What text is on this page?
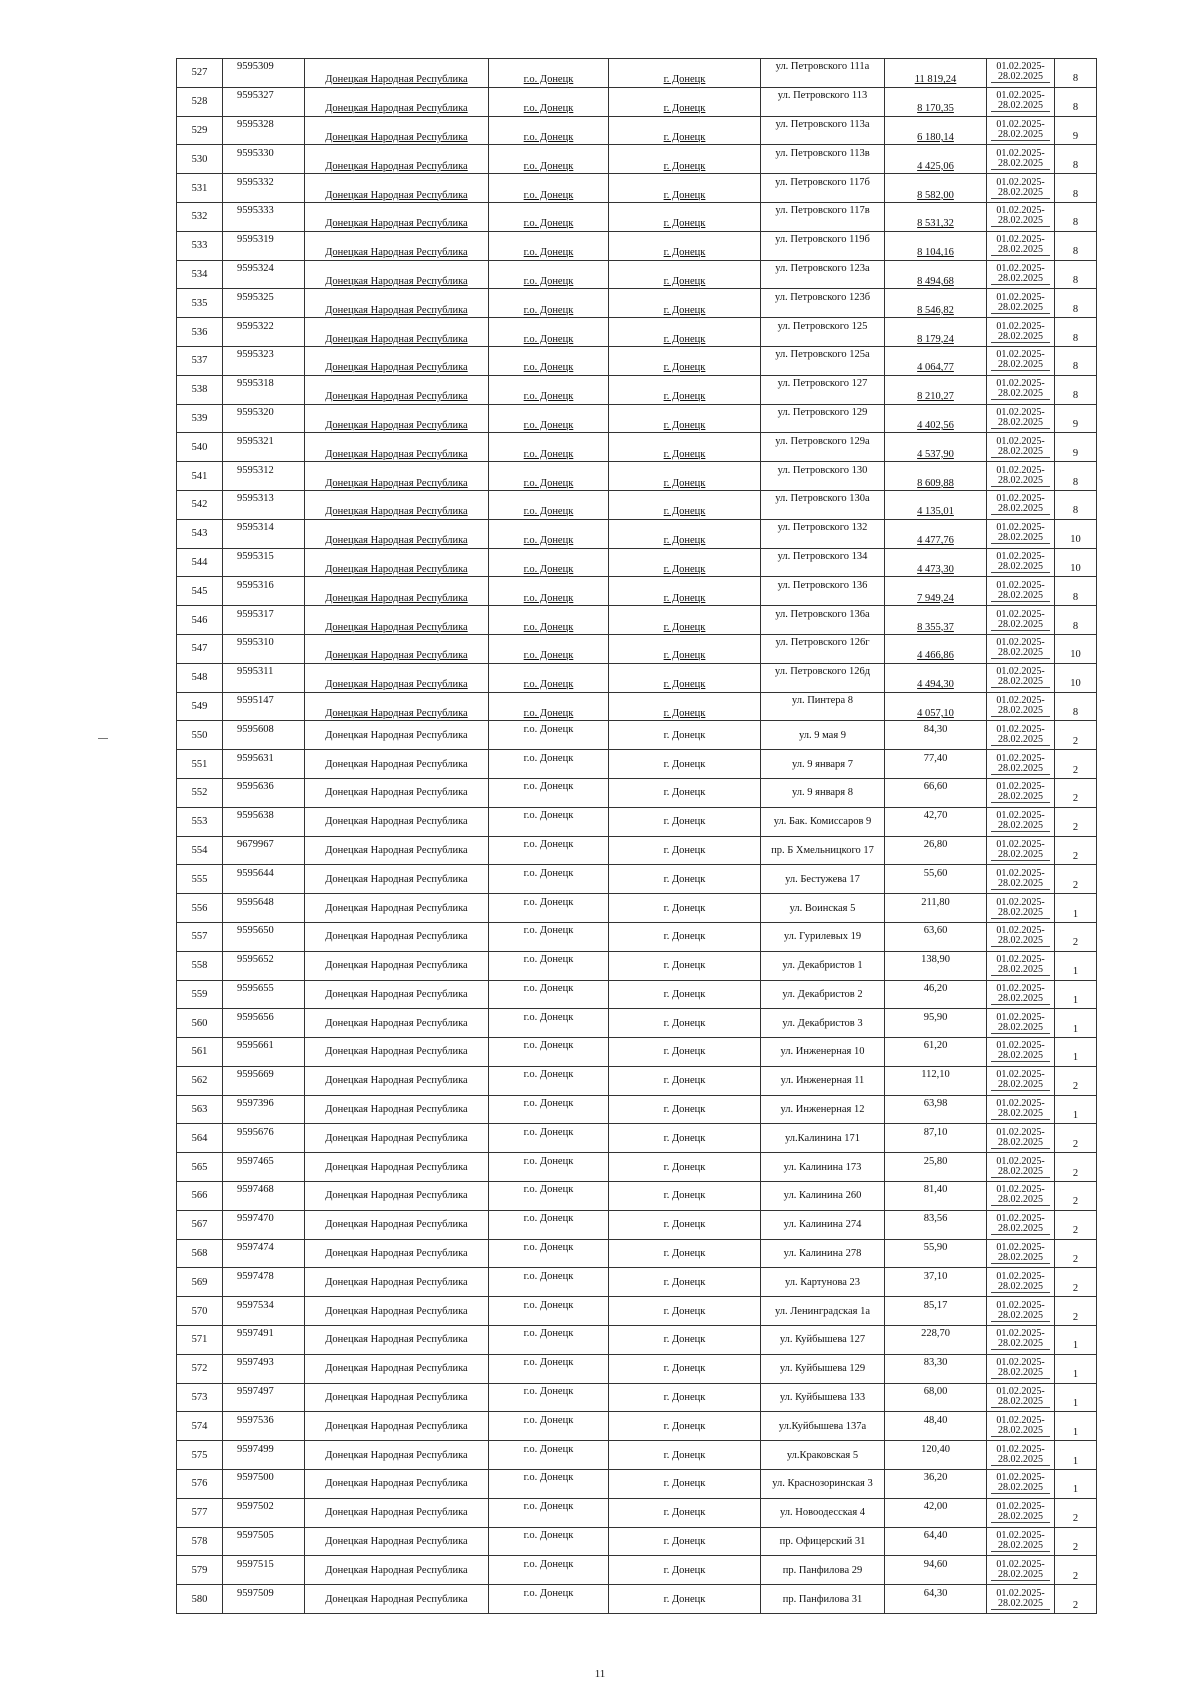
527	9595309	Донецкая Народная Республика	г.о. Донецк	г. Донецк	ул. Петровского 111а	11 819,24	01.02.2025-
28.02.2025	8
528	9595327	Донецкая Народная Республика	г.о. Донецк	г. Донецк	ул. Петровского 113	8 170,35	01.02.2025-
28.02.2025	8
529	9595328	Донецкая Народная Республика	г.о. Донецк	г. Донецк	ул. Петровского 113а	6 180,14	01.02.2025-
28.02.2025	9
530	9595330	Донецкая Народная Республика	г.о. Донецк	г. Донецк	ул. Петровского 113в	4 425,06	01.02.2025-
28.02.2025	8
531	9595332	Донецкая Народная Республика	г.о. Донецк	г. Донецк	ул. Петровского 117б	8 582,00	01.02.2025-
28.02.2025	8
532	9595333	Донецкая Народная Республика	г.о. Донецк	г. Донецк	ул. Петровского 117в	8 531,32	01.02.2025-
28.02.2025	8
533	9595319	Донецкая Народная Республика	г.о. Донецк	г. Донецк	ул. Петровского 119б	8 104,16	01.02.2025-
28.02.2025	8
534	9595324	Донецкая Народная Республика	г.о. Донецк	г. Донецк	ул. Петровского 123а	8 494,68	01.02.2025-
28.02.2025	8
535	9595325	Донецкая Народная Республика	г.о. Донецк	г. Донецк	ул. Петровского 123б	8 546,82	01.02.2025-
28.02.2025	8
536	9595322	Донецкая Народная Республика	г.о. Донецк	г. Донецк	ул. Петровского 125	8 179,24	01.02.2025-
28.02.2025	8
537	9595323	Донецкая Народная Республика	г.о. Донецк	г. Донецк	ул. Петровского 125а	4 064,77	01.02.2025-
28.02.2025	8
538	9595318	Донецкая Народная Республика	г.о. Донецк	г. Донецк	ул. Петровского 127	8 210,27	01.02.2025-
28.02.2025	8
539	9595320	Донецкая Народная Республика	г.о. Донецк	г. Донецк	ул. Петровского 129	4 402,56	01.02.2025-
28.02.2025	9
540	9595321	Донецкая Народная Республика	г.о. Донецк	г. Донецк	ул. Петровского 129а	4 537,90	01.02.2025-
28.02.2025	9
541	9595312	Донецкая Народная Республика	г.о. Донецк	г. Донецк	ул. Петровского 130	8 609,88	01.02.2025-
28.02.2025	8
542	9595313	Донецкая Народная Республика	г.о. Донецк	г. Донецк	ул. Петровского 130а	4 135,01	01.02.2025-
28.02.2025	8
543	9595314	Донецкая Народная Республика	г.о. Донецк	г. Донецк	ул. Петровского 132	4 477,76	01.02.2025-
28.02.2025	10
544	9595315	Донецкая Народная Республика	г.о. Донецк	г. Донецк	ул. Петровского 134	4 473,30	01.02.2025-
28.02.2025	10
545	9595316	Донецкая Народная Республика	г.о. Донецк	г. Донецк	ул. Петровского 136	7 949,24	01.02.2025-
28.02.2025	8
546	9595317	Донецкая Народная Республика	г.о. Донецк	г. Донецк	ул. Петровского 136а	8 355,37	01.02.2025-
28.02.2025	8
547	9595310	Донецкая Народная Республика	г.о. Донецк	г. Донецк	ул. Петровского 126г	4 466,86	01.02.2025-
28.02.2025	10
548	9595311	Донецкая Народная Республика	г.о. Донецк	г. Донецк	ул. Петровского 126д	4 494,30	01.02.2025-
28.02.2025	10
549	9595147	Донецкая Народная Республика	г.о. Донецк	г. Донецк	ул. Пинтера 8	4 057,10	01.02.2025-
28.02.2025	8
550	9595608	Донецкая Народная Республика	г.о. Донецк	г. Донецк	ул. 9 мая 9	84,30	01.02.2025-
28.02.2025	2
551	9595631	Донецкая Народная Республика	г.о. Донецк	г. Донецк	ул. 9 января 7	77,40	01.02.2025-
28.02.2025	2
552	9595636	Донецкая Народная Республика	г.о. Донецк	г. Донецк	ул. 9 января 8	66,60	01.02.2025-
28.02.2025	2
553	9595638	Донецкая Народная Республика	г.о. Донецк	г. Донецк	ул. Бак. Комиссаров 9	42,70	01.02.2025-
28.02.2025	2
554	9679967	Донецкая Народная Республика	г.о. Донецк	г. Донецк	пр. Б Хмельницкого 17	26,80	01.02.2025-
28.02.2025	2
555	9595644	Донецкая Народная Республика	г.о. Донецк	г. Донецк	ул. Бестужева 17	55,60	01.02.2025-
28.02.2025	2
556	9595648	Донецкая Народная Республика	г.о. Донецк	г. Донецк	ул. Воинская 5	211,80	01.02.2025-
28.02.2025	1
557	9595650	Донецкая Народная Республика	г.о. Донецк	г. Донецк	ул. Гурилевых 19	63,60	01.02.2025-
28.02.2025	2
558	9595652	Донецкая Народная Республика	г.о. Донецк	г. Донецк	ул. Декабристов 1	138,90	01.02.2025-
28.02.2025	1
559	9595655	Донецкая Народная Республика	г.о. Донецк	г. Донецк	ул. Декабристов 2	46,20	01.02.2025-
28.02.2025	1
560	9595656	Донецкая Народная Республика	г.о. Донецк	г. Донецк	ул. Декабристов 3	95,90	01.02.2025-
28.02.2025	1
561	9595661	Донецкая Народная Республика	г.о. Донецк	г. Донецк	ул. Инженерная 10	61,20	01.02.2025-
28.02.2025	1
562	9595669	Донецкая Народная Республика	г.о. Донецк	г. Донецк	ул. Инженерная 11	112,10	01.02.2025-
28.02.2025	2
563	9597396	Донецкая Народная Республика	г.о. Донецк	г. Донецк	ул. Инженерная 12	63,98	01.02.2025-
28.02.2025	1
564	9595676	Донецкая Народная Республика	г.о. Донецк	г. Донецк	ул.Калинина 171	87,10	01.02.2025-
28.02.2025	2
565	9597465	Донецкая Народная Республика	г.о. Донецк	г. Донецк	ул. Калинина 173	25,80	01.02.2025-
28.02.2025	2
566	9597468	Донецкая Народная Республика	г.о. Донецк	г. Донецк	ул. Калинина 260	81,40	01.02.2025-
28.02.2025	2
567	9597470	Донецкая Народная Республика	г.о. Донецк	г. Донецк	ул. Калинина 274	83,56	01.02.2025-
28.02.2025	2
568	9597474	Донецкая Народная Республика	г.о. Донецк	г. Донецк	ул. Калинина 278	55,90	01.02.2025-
28.02.2025	2
569	9597478	Донецкая Народная Республика	г.о. Донецк	г. Донецк	ул. Картунова 23	37,10	01.02.2025-
28.02.2025	2
570	9597534	Донецкая Народная Республика	г.о. Донецк	г. Донецк	ул. Ленинградская 1а	85,17	01.02.2025-
28.02.2025	2
571	9597491	Донецкая Народная Республика	г.о. Донецк	г. Донецк	ул. Куйбышева 127	228,70	01.02.2025-
28.02.2025	1
572	9597493	Донецкая Народная Республика	г.о. Донецк	г. Донецк	ул. Куйбышева 129	83,30	01.02.2025-
28.02.2025	1
573	9597497	Донецкая Народная Республика	г.о. Донецк	г. Донецк	ул. Куйбышева 133	68,00	01.02.2025-
28.02.2025	1
574	9597536	Донецкая Народная Республика	г.о. Донецк	г. Донецк	ул.Куйбышева 137а	48,40	01.02.2025-
28.02.2025	1
575	9597499	Донецкая Народная Республика	г.о. Донецк	г. Донецк	ул.Краковская 5	120,40	01.02.2025-
28.02.2025	1
576	9597500	Донецкая Народная Республика	г.о. Донецк	г. Донецк	ул. Краснозоринская 3	36,20	01.02.2025-
28.02.2025	1
577	9597502	Донецкая Народная Республика	г.о. Донецк	г. Донецк	ул. Новоодесская 4	42,00	01.02.2025-
28.02.2025	2
578	9597505	Донецкая Народная Республика	г.о. Донецк	г. Донецк	пр. Офицерский 31	64,40	01.02.2025-
28.02.2025	2
579	9597515	Донецкая Народная Республика	г.о. Донецк	г. Донецк	пр. Панфилова 29	94,60	01.02.2025-
28.02.2025	2
580	9597509	Донецкая Народная Республика	г.о. Донецк	г. Донецк	пр. Панфилова 31	64,30	01.02.2025-
28.02.2025	2
11
